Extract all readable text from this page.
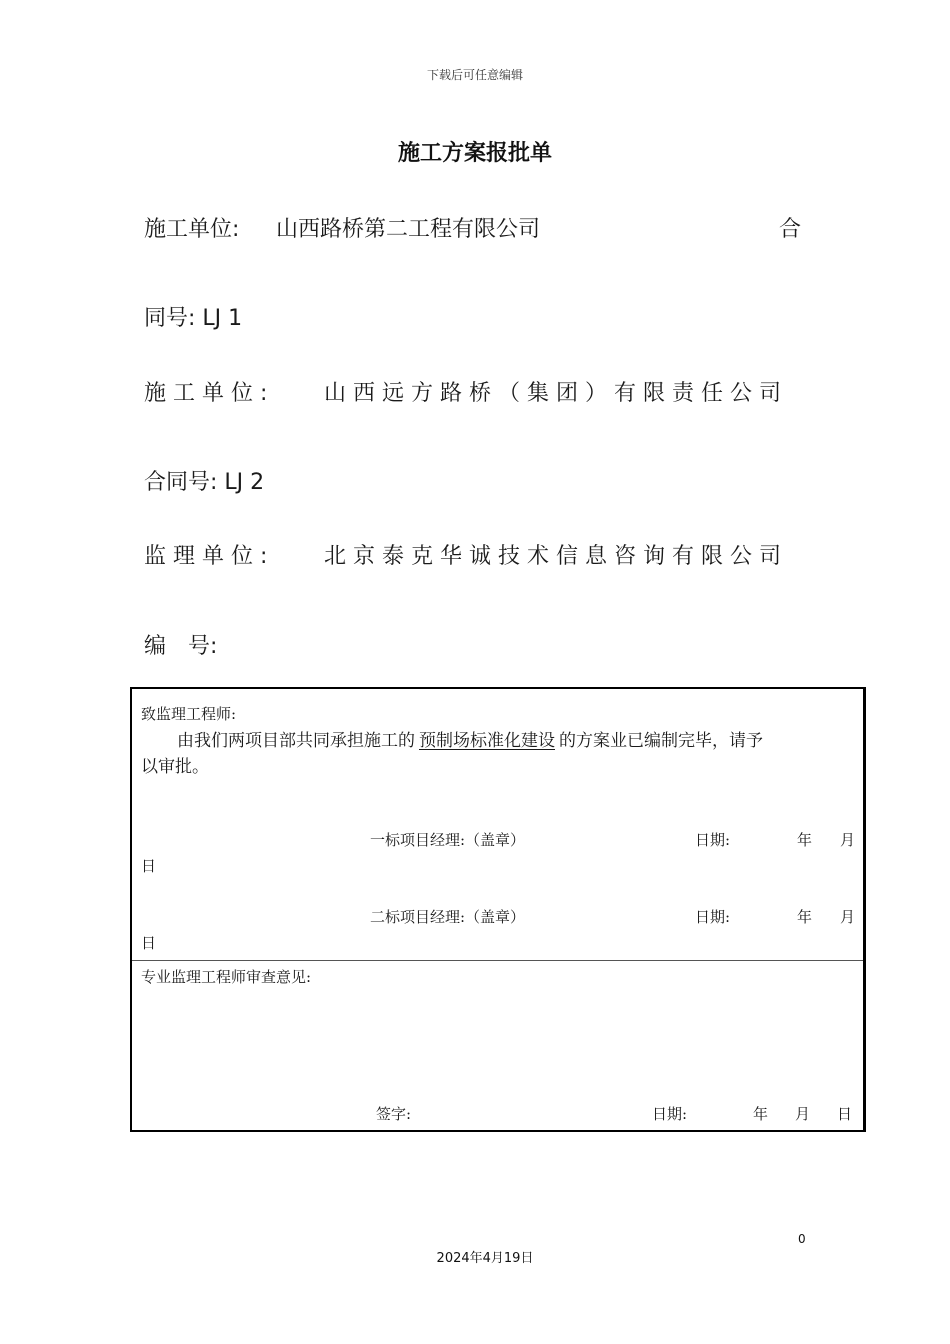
下载后可任意编辑
施工方案报批单
施工单位: 山西路桥第二工程有限公司	合
同号: LJ 1
施工单位: 山西远方路桥（集团）有限责任公司
合同号: LJ 2
监理单位: 北京泰克华诚技术信息咨询有限公司
编　号:
致监理工程师:
由我们两项目部共同承担施工的 预制场标准化建设 的方案业已编制完毕，请予
以审批。
一标项目经理:（盖章）	日期:	年 月
日
二标项目经理:（盖章）	日期:	年 月
日
专业监理工程师审查意见:
签字:	日期:	年 月 日
0
2024年4月19日
